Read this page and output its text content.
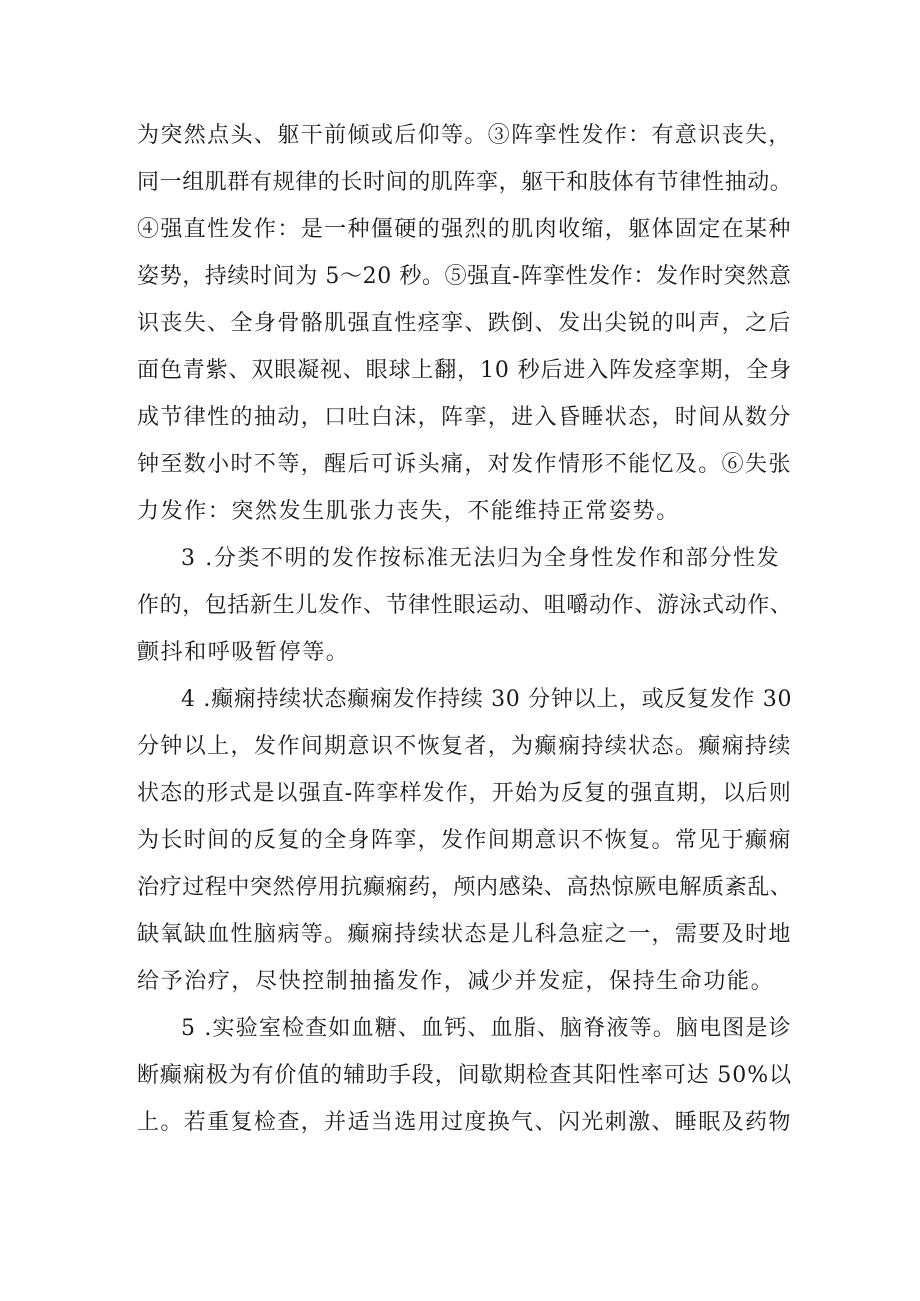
为突然点头、躯干前倾或后仰等。③阵挛性发作：有意识丧失，
同一组肌群有规律的长时间的肌阵挛，躯干和肢体有节律性抽动。
④强直性发作：是一种僵硬的强烈的肌肉收缩，躯体固定在某种
姿势，持续时间为 5～20 秒。⑤强直-阵挛性发作：发作时突然意
识丧失、全身骨骼肌强直性痉挛、跌倒、发出尖锐的叫声，之后
面色青紫、双眼凝视、眼球上翻，10 秒后进入阵发痉挛期，全身
成节律性的抽动，口吐白沫，阵挛，进入昏睡状态，时间从数分
钟至数小时不等，醒后可诉头痛，对发作情形不能忆及。⑥失张
力发作：突然发生肌张力丧失，不能维持正常姿势。
3 .分类不明的发作按标准无法归为全身性发作和部分性发
作的，包括新生儿发作、节律性眼运动、咀嚼动作、游泳式动作、
颤抖和呼吸暂停等。
4 .癫痫持续状态癫痫发作持续 30 分钟以上，或反复发作 30
分钟以上，发作间期意识不恢复者，为癫痫持续状态。癫痫持续
状态的形式是以强直-阵挛样发作，开始为反复的强直期，以后则
为长时间的反复的全身阵挛，发作间期意识不恢复。常见于癫痫
治疗过程中突然停用抗癫痫药，颅内感染、高热惊厥电解质紊乱、
缺氧缺血性脑病等。癫痫持续状态是儿科急症之一，需要及时地
给予治疗，尽快控制抽搐发作，减少并发症，保持生命功能。
5 .实验室检查如血糖、血钙、血脂、脑脊液等。脑电图是诊
断癫痫极为有价值的辅助手段，间歇期检查其阳性率可达 50%以
上。若重复检查，并适当选用过度换气、闪光刺激、睡眠及药物
